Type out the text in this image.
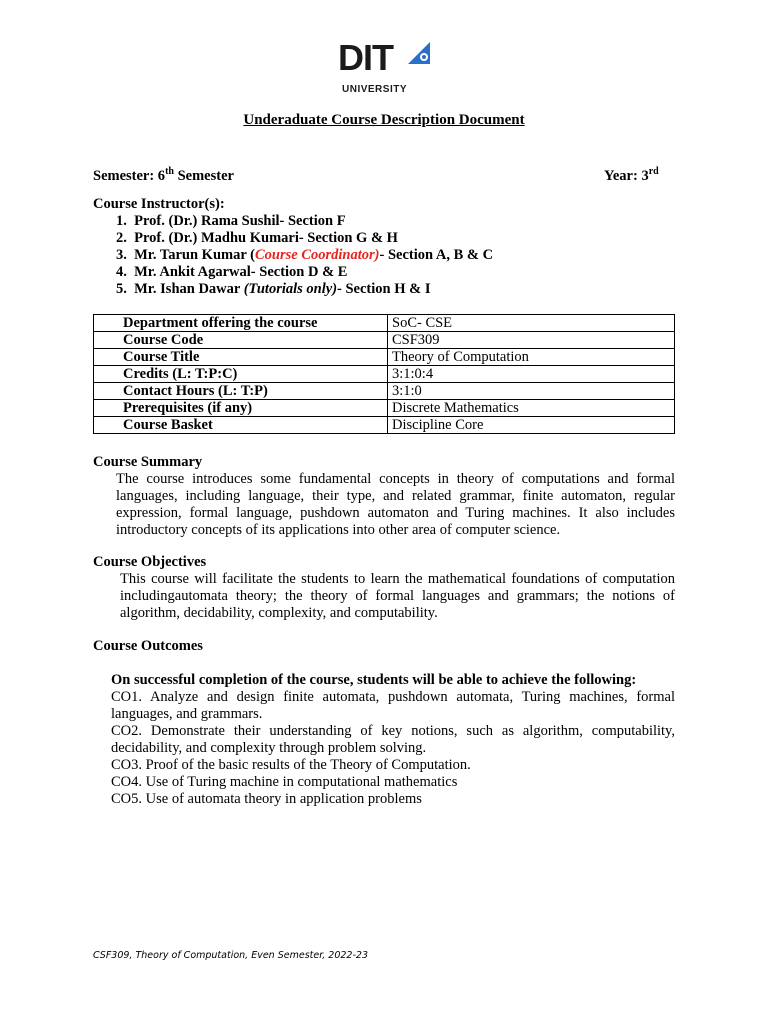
DIT
UNIVERSITY
Underaduate Course Description Document
Semester: 6th Semester	Year: 3rd
Course Instructor(s):
1. Prof. (Dr.) Rama Sushil- Section F
2. Prof. (Dr.) Madhu Kumari- Section G & H
3. Mr. Tarun Kumar (Course Coordinator)- Section A, B & C
4. Mr. Ankit Agarwal- Section D & E
5. Mr. Ishan Dawar (Tutorials only)- Section H & I
Department offering the course	SoC- CSE
Course Code	CSF309
Course Title	Theory of Computation
Credits (L: T:P:C)	3:1:0:4
Contact Hours (L: T:P)	3:1:0
Prerequisites (if any)	Discrete Mathematics
Course Basket	Discipline Core
Course Summary
The course introduces some fundamental concepts in theory of computations and formal languages, including language, their type, and related grammar, finite automaton, regular expression, formal language, pushdown automaton and Turing machines. It also includes introductory concepts of its applications into other area of computer science.
Course Objectives
This course will facilitate the students to learn the mathematical foundations of computation includingautomata theory; the theory of formal languages and grammars; the notions of algorithm, decidability, complexity, and computability.
Course Outcomes
On successful completion of the course, students will be able to achieve the following:
CO1. Analyze and design finite automata, pushdown automata, Turing machines, formal languages, and grammars.
CO2. Demonstrate their understanding of key notions, such as algorithm, computability, decidability, and complexity through problem solving.
CO3. Proof of the basic results of the Theory of Computation.
CO4. Use of Turing machine in computational mathematics
CO5. Use of automata theory in application problems
CSF309, Theory of Computation, Even Semester, 2022-23
